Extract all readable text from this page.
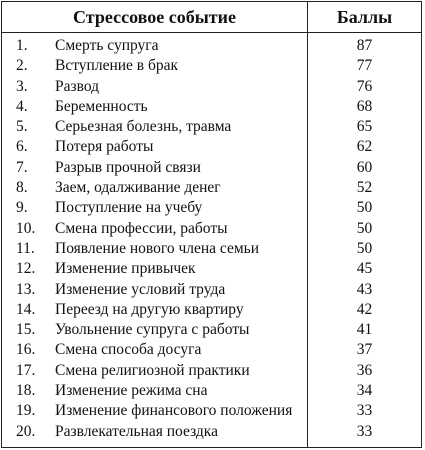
Стрессовое событие	Баллы
1. Смерть супруга	87
2. Вступление в брак	77
3. Развод	76
4. Беременность	68
5. Серьезная болезнь, травма	65
6. Потеря работы	62
7. Разрыв прочной связи	60
8. Заем, одалживание денег	52
9. Поступление на учебу	50
10. Смена профессии, работы	50
11. Появление нового члена семьи	50
12. Изменение привычек	45
13. Изменение условий труда	43
14. Переезд на другую квартиру	42
15. Увольнение супруга с работы	41
16. Смена способа досуга	37
17. Смена религиозной практики	36
18. Изменение режима сна	34
19. Изменение финансового положения	33
20. Развлекательная поездка	33
